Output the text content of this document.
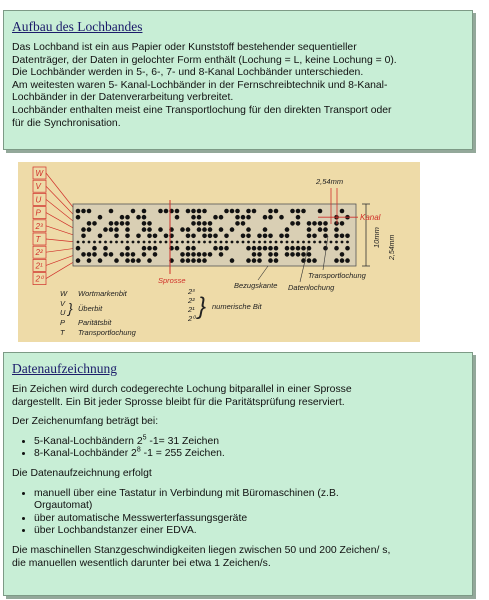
Aufbau des Lochbandes
Das Lochband ist ein aus Papier oder Kunststoff bestehender sequentieller
Datenträger, der Daten in gelochter Form enthält (Lochung = L, keine Lochung = 0).
Die Lochbänder werden in 5-, 6-, 7- und 8-Kanal Lochbänder unterschieden.
Am weitesten waren 5- Kanal-Lochbänder in der Fernschreibtechnik und 8-Kanal-
Lochbänder in der Datenverarbeitung verbreitet.
Lochbänder enthalten meist eine Transportlochung für den direkten Transport oder
für die Synchronisation.
W
V
U
P
2³
T
2²
2¹
2⁰
2,54mm
Kanal
10mm 2,54mm
Sprosse
Bezugskante Datenlochung
Transportlochung
W Wortmarkenbit
V
U } Überbit
P Paritätsbit
T Transportlochung
2³
2²
2¹
2⁰ } numerische Bit
Datenaufzeichnung
Ein Zeichen wird durch codegerechte Lochung bitparallel in einer Sprosse
dargestellt. Ein Bit jeder Sprosse bleibt für die Paritätsprüfung reserviert.
Der Zeichenumfang beträgt bei:
• 5-Kanal-Lochbändern $2^5$ -1= 31 Zeichen
• 8-Kanal-Lochbänder $2^8$ -1 = 255 Zeichen.
Die Datenaufzeichnung erfolgt
• manuell über eine Tastatur in Verbindung mit Büromaschinen (z.B.
Orgautomat)
• über automatische Messwerterfassungsgeräte
• über Lochbandstanzer einer EDVA.
Die maschinellen Stanzgeschwindigkeiten liegen zwischen 50 und 200 Zeichen/ s,
die manuellen wesentlich darunter bei etwa 1 Zeichen/s.
